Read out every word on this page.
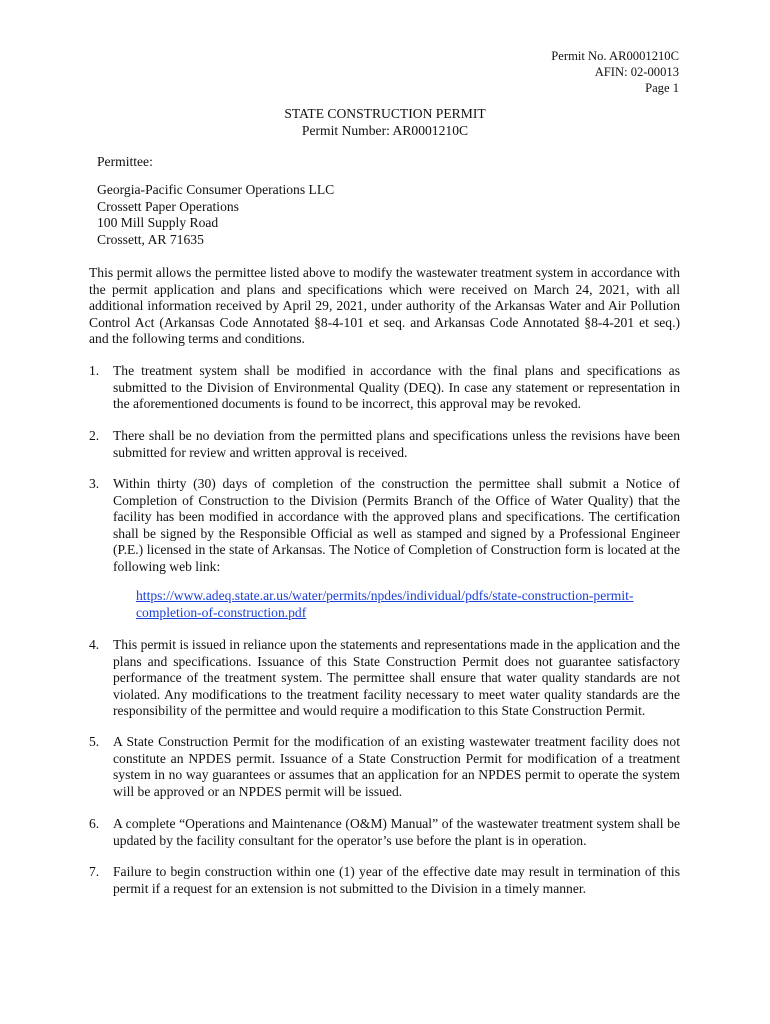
Permit No. AR0001210C
AFIN: 02-00013
Page 1
STATE CONSTRUCTION PERMIT
Permit Number: AR0001210C
Permittee:
Georgia-Pacific Consumer Operations LLC
Crossett Paper Operations
100 Mill Supply Road
Crossett, AR 71635
This permit allows the permittee listed above to modify the wastewater treatment system in accordance with the permit application and plans and specifications which were received on March 24, 2021, with all additional information received by April 29, 2021, under authority of the Arkansas Water and Air Pollution Control Act (Arkansas Code Annotated §8-4-101 et seq. and Arkansas Code Annotated §8-4-201 et seq.) and the following terms and conditions.
1. The treatment system shall be modified in accordance with the final plans and specifications as submitted to the Division of Environmental Quality (DEQ). In case any statement or representation in the aforementioned documents is found to be incorrect, this approval may be revoked.
2. There shall be no deviation from the permitted plans and specifications unless the revisions have been submitted for review and written approval is received.
3. Within thirty (30) days of completion of the construction the permittee shall submit a Notice of Completion of Construction to the Division (Permits Branch of the Office of Water Quality) that the facility has been modified in accordance with the approved plans and specifications. The certification shall be signed by the Responsible Official as well as stamped and signed by a Professional Engineer (P.E.) licensed in the state of Arkansas. The Notice of Completion of Construction form is located at the following web link:
https://www.adeq.state.ar.us/water/permits/npdes/individual/pdfs/state-construction-permit-
completion-of-construction.pdf
4. This permit is issued in reliance upon the statements and representations made in the application and the plans and specifications. Issuance of this State Construction Permit does not guarantee satisfactory performance of the treatment system. The permittee shall ensure that water quality standards are not violated. Any modifications to the treatment facility necessary to meet water quality standards are the responsibility of the permittee and would require a modification to this State Construction Permit.
5. A State Construction Permit for the modification of an existing wastewater treatment facility does not constitute an NPDES permit. Issuance of a State Construction Permit for modification of a treatment system in no way guarantees or assumes that an application for an NPDES permit to operate the system will be approved or an NPDES permit will be issued.
6. A complete “Operations and Maintenance (O&M) Manual” of the wastewater treatment system shall be updated by the facility consultant for the operator’s use before the plant is in operation.
7. Failure to begin construction within one (1) year of the effective date may result in termination of this permit if a request for an extension is not submitted to the Division in a timely manner.
